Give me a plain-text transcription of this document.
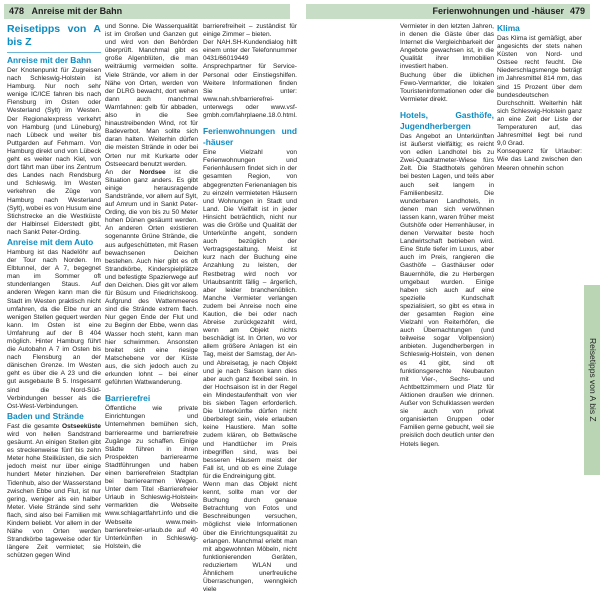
478 Anreise mit der Bahn	Ferienwohnungen und -häuser 479
Reisetipps von A bis Z
Anreise mit der Bahn

Der Knotenpunkt für Zugreisen nach Schleswig-Holstein ist Hamburg. Nur noch sehr wenige IC/ICE fahren bis nach Flensburg im Osten oder Westerland (Sylt) im Westen. Der Regionalexpress verkehrt von Hamburg (und Lüneburg) nach Lübeck und weiter bis Puttgarden auf Fehmarn. Von Hamburg direkt und von Lübeck geht es weiter nach Kiel, von dort fährt man über ins Zentrum des Landes nach Rendsburg und Schleswig. Im Westen verkehren die Züge von Hamburg nach Westerland (Sylt), wobei es von Husum eine Stichstrecke an die Westküste der Halbinsel Eiderstedt gibt, nach Sankt Peter-Ording.

Anreise mit dem Auto

Hamburg ist das Nadelöhr auf der Tour nach Norden. Im Elbtunnel, der A 7, begegnet man im Sommer oft stundenlangen Staus. Auf anderen Wegen kann man die Stadt im Westen praktisch nicht umfahren, da die Elbe nur an wenigen Stellen gequert werden kann. Im Osten ist eine Umfahrung auf der B 404 möglich. Hinter Hamburg führt die Autobahn A 7 im Osten bis nach Flensburg an der dänischen Grenze. Im Westen geht es über die A 23 und die gut ausgebaute B 5. Insgesamt sind die Nord-Süd-Verbindungen besser als die Ost-West-Verbindungen.

Baden und Strände

Fast die gesamte Ostseeküste wird von hellen Sandstrand gesäumt. An einigen Stellen gibt es streckenweise fünf bis zehn Meter hohe Steilküsten, die sich jedoch meist nur über einige hundert Meter hinziehen. Der Tidenhub, also der Wasserstand zwischen Ebbe und Flut, ist nur gering, weniger als ein halber Meter. Viele Strände sind sehr flach, sind also bei Familien mit Kindern beliebt. Vor allem in der Nähe von Orten werden Strandkörbe tageweise oder für längere Zeit vermietet; sie schützen gegen Wind

und Sonne. Die Wasserqualität ist im Großen und Ganzen gut und wird von den Behörden überprüft. Manchmal gibt es große Algenblüten, die man weiträumig vermeiden sollte. Viele Strände, vor allem in der Nähe von Orten, werden von der DLRG bewacht, dort wehen dann auch manchmal Warnfahnen: gelb für abbaden, also in die See hinaustreibenden Wind, rot für Badeverbot. Man sollte sich daran halten. Weiterhin dürfen die meisten Strände in oder bei Orten nur mit Kurkarte oder Ostseecard benutzt werden.

An der Nordsee ist die Situation ganz anders. Es gibt einige herausragende Sandstrände, vor allem auf Sylt, auf Amrum und in Sankt Peter-Ording, die von bis zu 50 Meter hohen Dünen gesäumt werden. An anderen Orten existieren sogenannte Grüne Strände, die aus aufgeschütteten, mit Rasen bewachsenen Deichen bestehen. Auch hier gibt es oft Strandkörbe, Kinderspielplätze und befestigte Spazierwege auf den Deichen. Dies gilt vor allem für Büsum und Friedrichskoog. Aufgrund des Wattenmeeres sind die Strände extrem flach. Nur gegen Ende der Flut und zu Beginn der Ebbe, wenn das Wasser hoch steht, kann man hier schwimmen. Ansonsten breitet sich eine riesige Matschebene vor der Küste aus, die sich jedoch auch zu erkunden lohnt – bei einer geführten Wattwanderung.

Barrierefrei

Öffentliche wie private Einrichtungen und Unternehmen bemühen sich, barrierearme und barrierefreie Zugänge zu schaffen. Einige Städte führen in ihren Prospekten barrierearme Stadtführungen und haben einen barrierefreien Stadtplan bei barrierearmen Wegen. Unter dem Titel ›Barrierefreier Urlaub in Schleswig-Holstein‹ vermarkten die Webseite www.schlagartfahrt.info und die Webseite www.mein-barrierefreier-urlaub.de auf 40 Unterkünften in Schleswig-Holstein, die

barrierefreiheit – zuständist für einige Zimmer – bieten.

Der NAH.SH-Kundendialog hilft einem unter der Telefonnummer 0431/66019449 Ansprechpartner für Service-Personal oder Einstiegshilfen. Weitere Informationen finden Sie unter: www.nah.sh/barrierefrei-unterwegs oder www.vsf-gmbh.com/fahrplaene.18.0.html.

Ferienwohnungen und -häuser

Eine Vielzahl von Ferienwohnungen und Ferienhäusern findet sich in der gesamten Region, von abgegrenzten Ferienanlagen bis zu einzeln vermieteten Häusern und Wohnungen in Stadt und Land. Die Vielfalt ist in jeder Hinsicht beträchtlich, nicht nur was die Größe und Qualität der Unterkünfte angeht, sondern auch bezüglich der Vertragsgestaltung. Meist ist kurz nach der Buchung eine Anzahlung zu leisten, der Restbetrag wird noch vor Urlaubsantritt fällig – ärgerlich, aber leider branchenüblich. Manche Vermieter verlangen zudem bei Anreise noch eine Kaution, die bei oder nach Abreise zurückgezahlt wird, wenn am Objekt nichts beschädigt ist. In Orten, wo vor allem größere Anlagen ist ein Tag, meist der Samstag, der An- und Abreisetag, je nach Objekt und je nach Saison kann dies aber auch ganz flexibel sein. In der Hochsaison ist in der Regel ein Mindestaufenthalt von vier bis sieben Tagen erforderlich. Die Unterkünfte dürfen nicht überbelegt sein, viele erlauben keine Haustiere. Man sollte zudem klären, ob Bettwäsche und Handtücher im Preis inbegriffen sind, was bei besseren Häusern meist der Fall ist, und ob es eine Zulage für die Endreinigung gibt.

Wenn man das Objekt nicht kennt, sollte man vor der Buchung durch genaue Betrachtung von Fotos und Beschreibungen versuchen, möglichst viele Informationen über die Einrichtungsqualität zu erlangen. Manchmal erlebt man mit abgewohnten Möbeln, nicht funktionierenden Geräten, reduziertem WLAN und Ähnlichem unerfreuliche Überraschungen, wenngleich viele

Vermieter in den letzten Jahren, in denen die Gäste über das Internet die Vergleichbarkeit der Angebote gewachsen ist, in die Qualität ihrer Immobilien investiert haben.

Buchung über die üblichen Fewo-Vermarkter, die lokalen Touristeninformationen oder die Vermieter direkt.

Hotels, Gasthöfe, Jugendherbergen

Das Angebot an Unterkünften ist äußerst vielfältig; es reicht von edlen Landhotel bis zu Zwei-Quadratmeter-Wiese fürs Zelt. Die Stadthotels gehören bei besten Lagen, und teils aber auch seit langem in Familienbesitz. Die wunderbaren Landhotels, in denen man sich verwöhnen lassen kann, waren früher meist Gutshöfe oder Herrenhäuser, in denen Verwalter beste hoch Landwirtschaft betrieben wird. Eine Stufe tiefer im Luxus, aber auch im Preis, rangieren die Gasthöfe – Gasthäuser oder Bauernhöfe, die zu Herbergen umgebaut wurden. Einige haben sich auch auf eine spezielle Kundschaft spezialisiert, so gibt es etwa in der gesamten Region eine Vielzahl von Reiterhöfen, die auch Übernachtungen (und teilweise sogar Vollpension) anbieten. Jugendherbergen in Schleswig-Holstein, von denen es 41 gibt, sind oft funktionsgerechte Neubauten mit Vier-, Sechs- und Achtbettzimmern und Platz für Aktionen draußen wie drinnen. Außer von Schulklassen werden sie auch von privat organisierten Gruppen oder Familien gerne gebucht, weil sie preislich doch deutlich unter den Hotels liegen.

Klima

Das Klima ist gemäßigt, aber angesichts der stets nahen Küsten von Nord- und Ostsee recht feucht. Die Niederschlagsmenge beträgt im Jahresmittel 814 mm, das sind 15 Prozent über dem bundesdeutschen Durchschnitt. Weiterhin hält sich Schleswig-Holstein ganz an eine Zeit der Liste der Temperaturen auf, das Jahresmittel liegt bei rund 9,0 Grad.

Konsequenz für Urlauber: Wie das Land zwischen den Meeren ohnehin schon

Reisetipps von A bis Z
